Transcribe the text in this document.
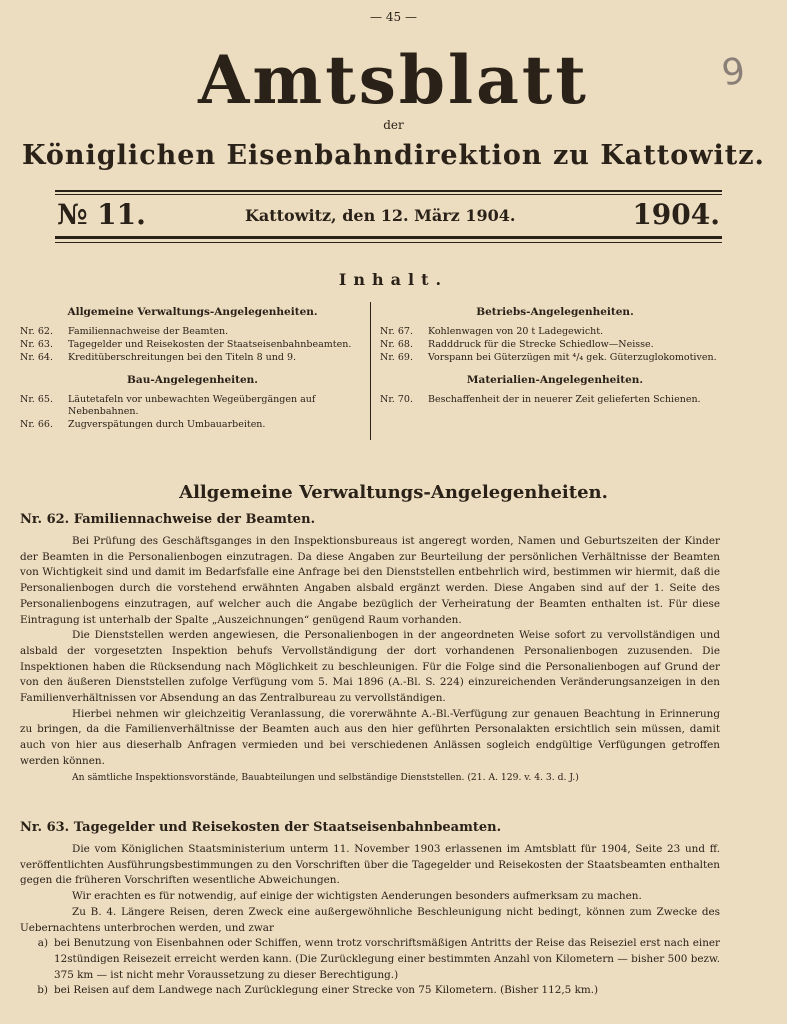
— 45 —
9
Amtsblatt
der
Königlichen Eisenbahndirektion zu Kattowitz.
№ 11.	Kattowitz, den 12. März 1904.	1904.
Inhalt.
Allgemeine Verwaltungs-Angelegenheiten.
Nr. 62.	Familiennachweise der Beamten.
Nr. 63.	Tagegelder und Reisekosten der Staatseisenbahnbeamten.
Nr. 64.	Kreditüberschreitungen bei den Titeln 8 und 9.
Bau-Angelegenheiten.
Nr. 65.	Läutetafeln vor unbewachten Wegeübergängen auf Nebenbahnen.
Nr. 66.	Zugverspätungen durch Umbauarbeiten.
Betriebs-Angelegenheiten.
Nr. 67.	Kohlenwagen von 20 t Ladegewicht.
Nr. 68.	Radddruck für die Strecke Schiedlow—Neisse.
Nr. 69.	Vorspann bei Güterzügen mit ⁴/₄ gek. Güterzuglokomotiven.
Materialien-Angelegenheiten.
Nr. 70.	Beschaffenheit der in neuerer Zeit gelieferten Schienen.
Allgemeine Verwaltungs-Angelegenheiten.
Nr. 62. Familiennachweise der Beamten.

Bei Prüfung des Geschäftsganges in den Inspektionsbureaus ist angeregt worden, Namen und Geburtszeiten der Kinder der Beamten in die Personalienbogen einzutragen. Da diese Angaben zur Beurteilung der persönlichen Verhältnisse der Beamten von Wichtigkeit sind und damit im Bedarfsfalle eine Anfrage bei den Dienststellen entbehrlich wird, bestimmen wir hiermit, daß die Personalienbogen durch die vorstehend erwähnten Angaben alsbald ergänzt werden. Diese Angaben sind auf der 1. Seite des Personalienbogens einzutragen, auf welcher auch die Angabe bezüglich der Verheiratung der Beamten enthalten ist. Für diese Eintragung ist unterhalb der Spalte „Auszeichnungen“ genügend Raum vorhanden.

Die Dienststellen werden angewiesen, die Personalienbogen in der angeordneten Weise sofort zu vervollständigen und alsbald der vorgesetzten Inspektion behufs Vervollständigung der dort vorhandenen Personalienbogen zuzusenden. Die Inspektionen haben die Rücksendung nach Möglichkeit zu beschleunigen. Für die Folge sind die Personalienbogen auf Grund der von den äußeren Dienststellen zufolge Verfügung vom 5. Mai 1896 (A.-Bl. S. 224) einzureichenden Veränderungsanzeigen in den Familienverhältnissen vor Absendung an das Zentralbureau zu vervollständigen.

Hierbei nehmen wir gleichzeitig Veranlassung, die vorerwähnte A.-Bl.-Verfügung zur genauen Beachtung in Erinnerung zu bringen, da die Familienverhältnisse der Beamten auch aus den hier geführten Personalakten ersichtlich sein müssen, damit auch von hier aus dieserhalb Anfragen vermieden und bei verschiedenen Anlässen sogleich endgültige Verfügungen getroffen werden können.

An sämtliche Inspektionsvorstände, Bauabteilungen und selbständige Dienststellen. (21. A. 129. v. 4. 3. d. J.)

Nr. 63. Tagegelder und Reisekosten der Staatseisenbahnbeamten.

Die vom Königlichen Staatsministerium unterm 11. November 1903 erlassenen im Amtsblatt für 1904, Seite 23 und ff. veröffentlichten Ausführungsbestimmungen zu den Vorschriften über die Tagegelder und Reisekosten der Staatsbeamten enthalten gegen die früheren Vorschriften wesentliche Abweichungen.

Wir erachten es für notwendig, auf einige der wichtigsten Aenderungen besonders aufmerksam zu machen.

Zu B. 4. Längere Reisen, deren Zweck eine außergewöhnliche Beschleunigung nicht bedingt, können zum Zwecke des Uebernachtens unterbrochen werden, und zwar

a) bei Benutzung von Eisenbahnen oder Schiffen, wenn trotz vorschriftsmäßigen Antritts der Reise das Reiseziel erst nach einer 12stündigen Reisezeit erreicht werden kann. (Die Zurücklegung einer bestimmten Anzahl von Kilometern — bisher 500 bezw. 375 km — ist nicht mehr Voraussetzung zu dieser Berechtigung.)
b) bei Reisen auf dem Landwege nach Zurücklegung einer Strecke von 75 Kilometern. (Bisher 112,5 km.)
